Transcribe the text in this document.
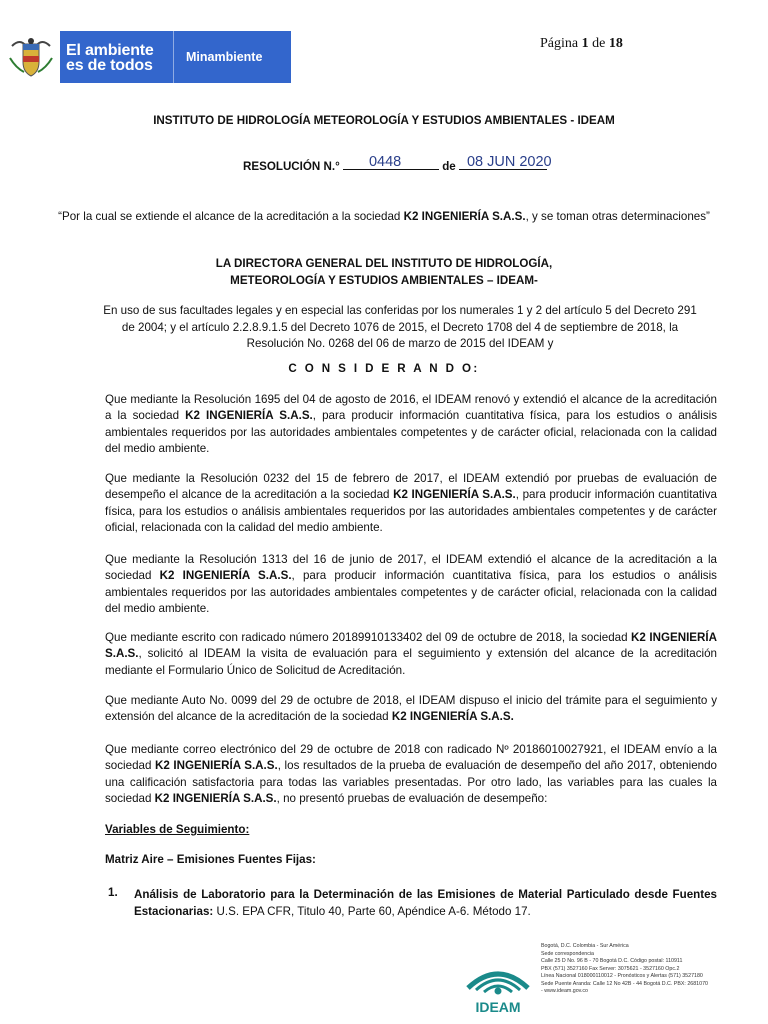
El ambiente
es de todos	Minambiente
Página 1 de 18
INSTITUTO DE HIDROLOGÍA METEOROLOGÍA Y ESTUDIOS AMBIENTALES - IDEAM
RESOLUCIÓN N.° 0448	de 08 JUN 2020
“Por la cual se extiende el alcance de la acreditación a la sociedad K2 INGENIERÍA S.A.S., y se toman otras determinaciones”
LA DIRECTORA GENERAL DEL INSTITUTO DE HIDROLOGÍA,
METEOROLOGÍA Y ESTUDIOS AMBIENTALES – IDEAM-
En uso de sus facultades legales y en especial las conferidas por los numerales 1 y 2 del artículo 5 del Decreto 291 de 2004; y el artículo 2.2.8.9.1.5 del Decreto 1076 de 2015, el Decreto 1708 del 4 de septiembre de 2018, la Resolución No. 0268 del 06 de marzo de 2015 del IDEAM y
C O N S I D E R A N D O:
Que mediante la Resolución 1695 del 04 de agosto de 2016, el IDEAM renovó y extendió el alcance de la acreditación a la sociedad K2 INGENIERÍA S.A.S., para producir información cuantitativa física, para los estudios o análisis ambientales requeridos por las autoridades ambientales competentes y de carácter oficial, relacionada con la calidad del medio ambiente.
Que mediante la Resolución 0232 del 15 de febrero de 2017, el IDEAM extendió por pruebas de evaluación de desempeño el alcance de la acreditación a la sociedad K2 INGENIERÍA S.A.S., para producir información cuantitativa física, para los estudios o análisis ambientales requeridos por las autoridades ambientales competentes y de carácter oficial, relacionada con la calidad del medio ambiente.
Que mediante la Resolución 1313 del 16 de junio de 2017, el IDEAM extendió el alcance de la acreditación a la sociedad K2 INGENIERÍA S.A.S., para producir información cuantitativa física, para los estudios o análisis ambientales requeridos por las autoridades ambientales competentes y de carácter oficial, relacionada con la calidad del medio ambiente.
Que mediante escrito con radicado número 20189910133402 del 09 de octubre de 2018, la sociedad K2 INGENIERÍA S.A.S., solicitó al IDEAM la visita de evaluación para el seguimiento y extensión del alcance de la acreditación mediante el Formulario Único de Solicitud de Acreditación.
Que mediante Auto No. 0099 del 29 de octubre de 2018, el IDEAM dispuso el inicio del trámite para el seguimiento y extensión del alcance de la acreditación de la sociedad K2 INGENIERÍA S.A.S.
Que mediante correo electrónico del 29 de octubre de 2018 con radicado Nº 20186010027921, el IDEAM envío a la sociedad K2 INGENIERÍA S.A.S., los resultados de la prueba de evaluación de desempeño del año 2017, obteniendo una calificación satisfactoria para todas las variables presentadas. Por otro lado, las variables para las cuales la sociedad K2 INGENIERÍA S.A.S., no presentó pruebas de evaluación de desempeño:
Variables de Seguimiento:
Matriz Aire – Emisiones Fuentes Fijas:
1. Análisis de Laboratorio para la Determinación de las Emisiones de Material Particulado desde Fuentes Estacionarias: U.S. EPA CFR, Titulo 40, Parte 60, Apéndice A-6. Método 17.
IDEAM
Bogotá, D.C. Colombia - Sur América
Sede correspondencia
Calle 25 D No. 96 B - 70 Bogotá D.C. Código postal: 110911
PBX (571) 3527160 Fax Server: 3075621 - 3527160 Opc.2
Línea Nacional 018000110012 - Pronósticos y Alertas (571) 3527180
Sede Puente Aranda: Calle 12 No 42B - 44 Bogotá D.C. PBX: 2681070
- www.ideam.gov.co
